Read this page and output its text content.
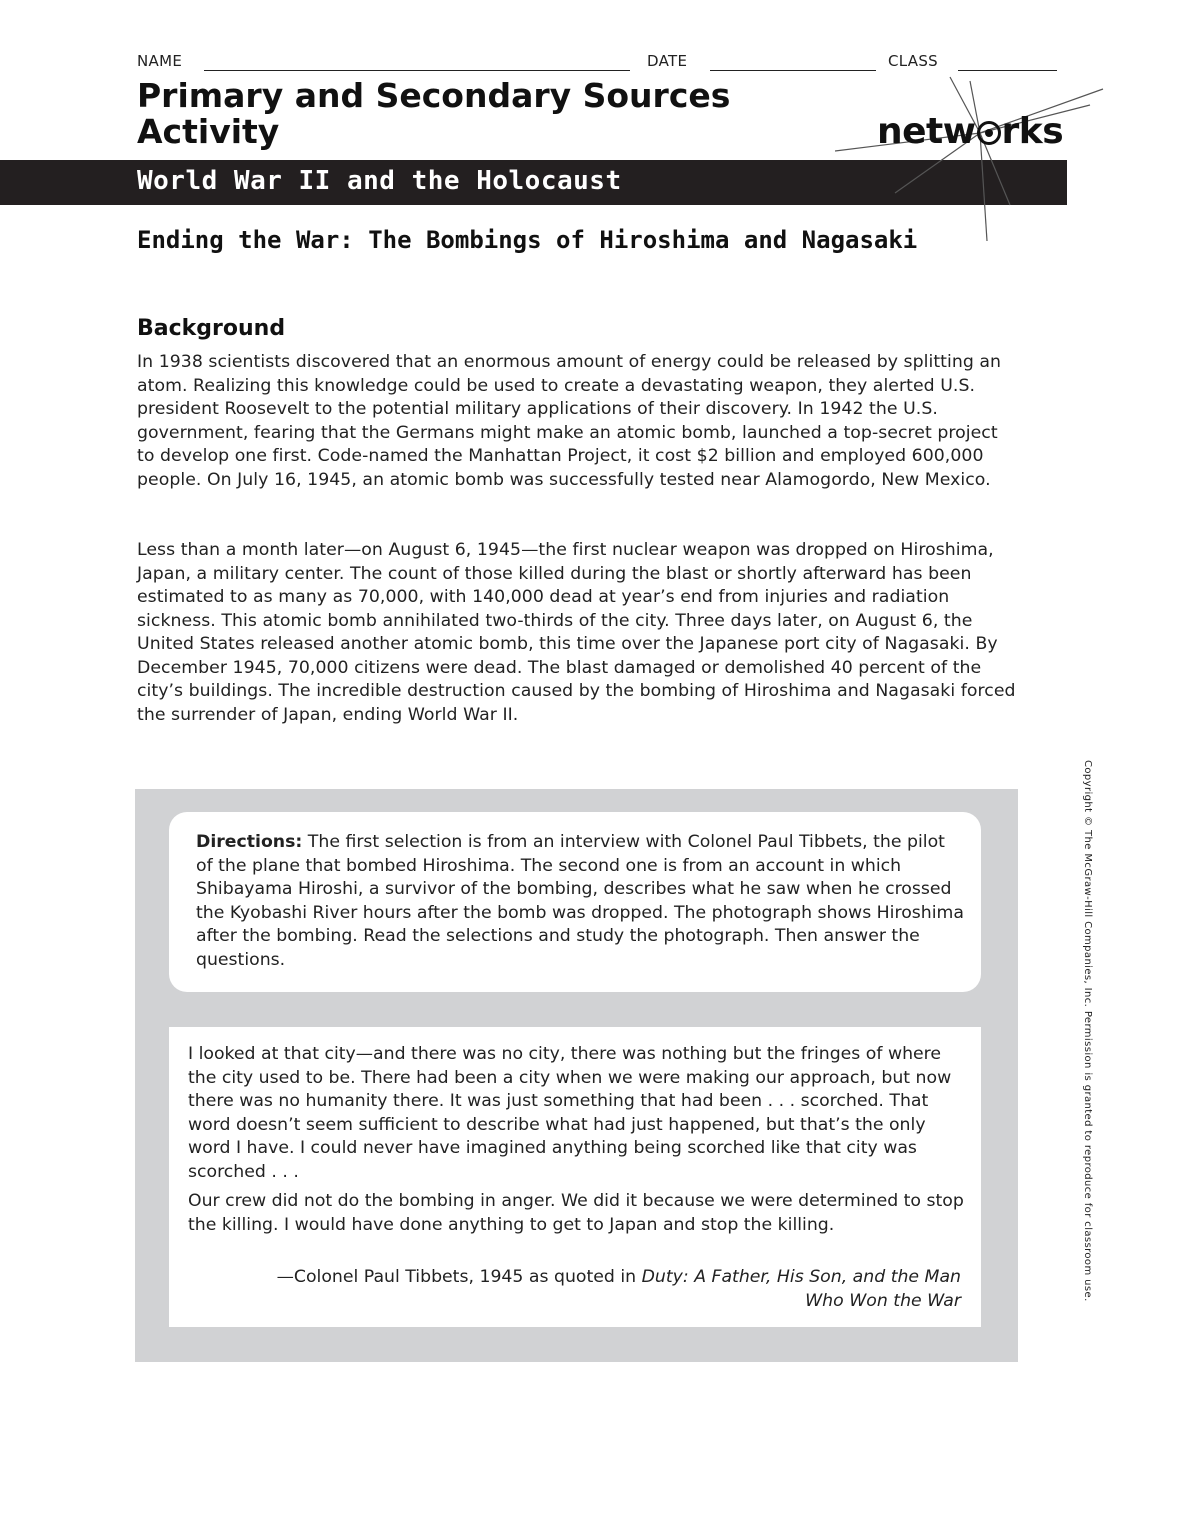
NAME	DATE	CLASS
Primary and Secondary Sources
Activity
World War II and the Holocaust
netw rks
Ending the War: The Bombings of Hiroshima and Nagasaki
Background

In 1938 scientists discovered that an enormous amount of energy could be released by splitting an atom. Realizing this knowledge could be used to create a devastating weapon, they alerted U.S. president Roosevelt to the potential military applications of their discovery. In 1942 the U.S. government, fearing that the Germans might make an atomic bomb, launched a top-secret project to develop one first. Code-named the Manhattan Project, it cost $2 billion and employed 600,000 people. On July 16, 1945, an atomic bomb was successfully tested near Alamogordo, New Mexico.

Less than a month later—on August 6, 1945—the first nuclear weapon was dropped on Hiroshima, Japan, a military center. The count of those killed during the blast or shortly afterward has been estimated to as many as 70,000, with 140,000 dead at year’s end from injuries and radiation sickness. This atomic bomb annihilated two-thirds of the city. Three days later, on August 6, the United States released another atomic bomb, this time over the Japanese port city of Nagasaki. By December 1945, 70,000 citizens were dead. The blast damaged or demolished 40 percent of the city’s buildings. The incredible destruction caused by the bombing of Hiroshima and Nagasaki forced the surrender of Japan, ending World War II.

Directions: The first selection is from an interview with Colonel Paul Tibbets, the pilot of the plane that bombed Hiroshima. The second one is from an account in which Shibayama Hiroshi, a survivor of the bombing, describes what he saw when he crossed the Kyobashi River hours after the bomb was dropped. The photograph shows Hiroshima after the bombing. Read the selections and study the photograph. Then answer the questions.

I looked at that city—and there was no city, there was nothing but the fringes of where the city used to be. There had been a city when we were making our approach, but now there was no humanity there. It was just something that had been . . . scorched. That word doesn’t seem sufficient to describe what had just happened, but that’s the only word I have. I could never have imagined anything being scorched like that city was scorched . . .

Our crew did not do the bombing in anger. We did it because we were determined to stop the killing. I would have done anything to get to Japan and stop the killing.

—Colonel Paul Tibbets, 1945 as quoted in Duty: A Father, His Son, and the Man Who Won the War	Copyright © The McGraw-Hill Companies, Inc. Permission is granted to reproduce for classroom use.
